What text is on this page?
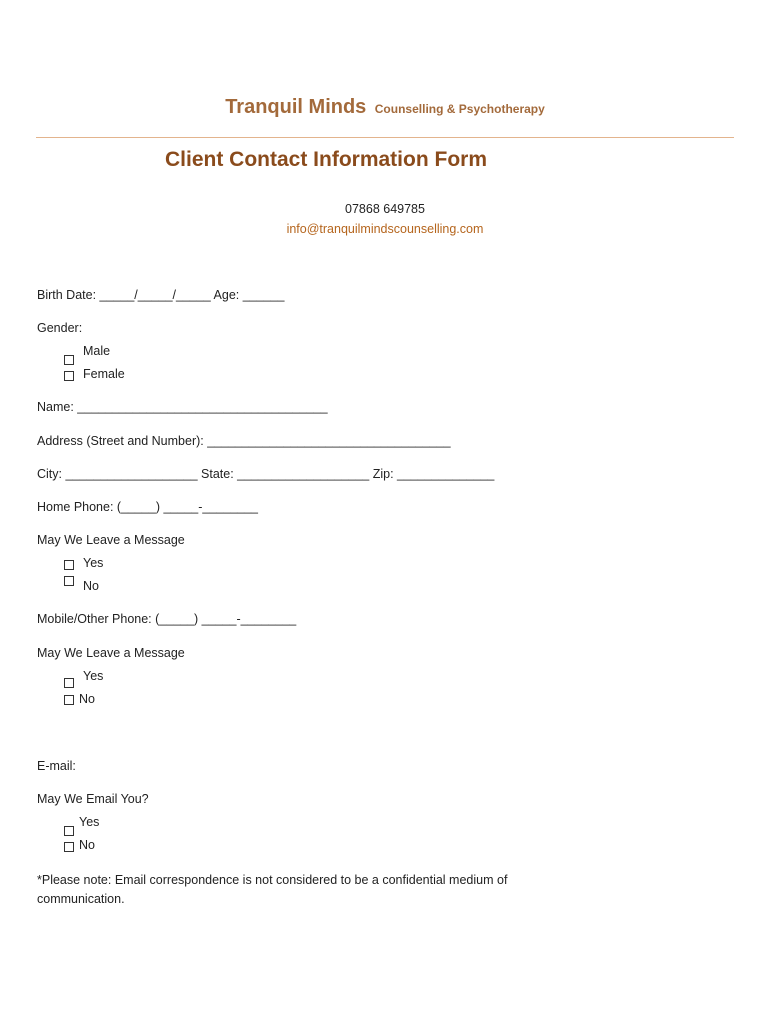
Tranquil Minds Counselling & Psychotherapy
Client Contact Information Form
07868 649785
info@tranquilmindscounselling.com
Birth Date: _____/_____/_____ Age: ______
Gender:
Male
Female
Name: ____________________________________
Address (Street and Number): ___________________________________
City: ___________________ State: ___________________ Zip: ______________
Home Phone: (_____) _____-________
May We Leave a Message
Yes
No
Mobile/Other Phone: (_____) _____-________
May We Leave a Message
Yes
No
E-mail:
May We Email You?
Yes
No
*Please note: Email correspondence is not considered to be a confidential medium of communication.
